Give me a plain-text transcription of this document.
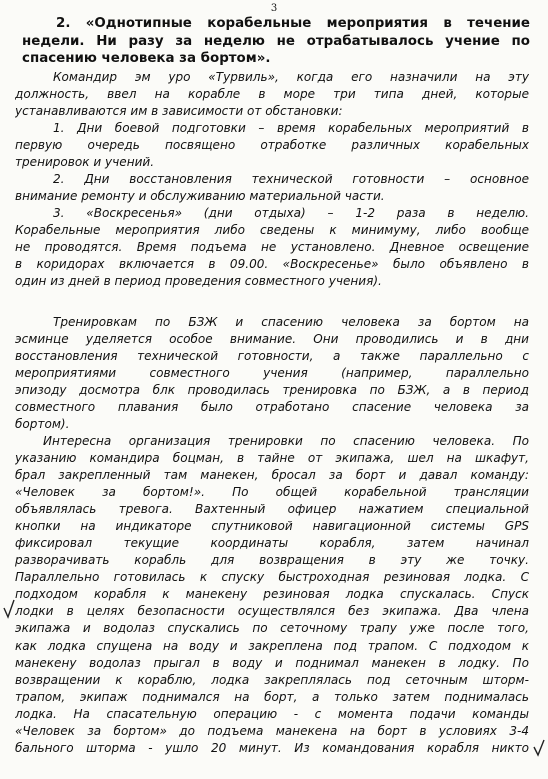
3
2. «Однотипные корабельные мероприятия в течение недели. Ни разу за неделю не отрабатывалось учение по спасению человека за бортом».
Командир эм уро «Турвиль», когда его назначили на эту
должность, ввел на корабле в море три типа дней, которые
устанавливаются им в зависимости от обстановки:
1. Дни боевой подготовки – время корабельных мероприятий в
первую очередь посвящено отработке различных корабельных
тренировок и учений.
2. Дни восстановления технической готовности – основное
внимание ремонту и обслуживанию материальной части.
3. «Воскресенья» (дни отдыха) – 1-2 раза в неделю.
Корабельные мероприятия либо сведены к минимуму, либо вообще
не проводятся. Время подъема не установлено. Дневное освещение
в коридорах включается в 09.00. «Воскресенье» было объявлено в
один из дней в период проведения совместного учения).
Тренировкам по БЗЖ и спасению человека за бортом на
эсминце уделяется особое внимание. Они проводились и в дни
восстановления технической готовности, а также параллельно с
мероприятиями совместного учения (например, параллельно
эпизоду досмотра блк проводилась тренировка по БЗЖ, а в период
совместного плавания было отработано спасение человека за
бортом).
Интересна организация тренировки по спасению человека. По
указанию командира боцман, в тайне от экипажа, шел на шкафут,
брал закрепленный там манекен, бросал за борт и давал команду:
«Человек за бортом!». По общей корабельной трансляции
объявлялась тревога. Вахтенный офицер нажатием специальной
кнопки на индикаторе спутниковой навигационной системы GPS
фиксировал текущие координаты корабля, затем начинал
разворачивать корабль для возвращения в эту же точку.
Параллельно готовилась к спуску быстроходная резиновая лодка. С
подходом корабля к манекену резиновая лодка спускалась. Спуск
лодки в целях безопасности осуществлялся без экипажа. Два члена
экипажа и водолаз спускались по сеточному трапу уже после того,
как лодка спущена на воду и закреплена под трапом. С подходом к
манекену водолаз прыгал в воду и поднимал манекен в лодку. По
возвращении к кораблю, лодка закреплялась под сеточным шторм-
трапом, экипаж поднимался на борт, а только затем поднималась
лодка. На спасательную операцию - с момента подачи команды
«Человек за бортом» до подъема манекена на борт в условиях 3-4
бального шторма - ушло 20 минут. Из командования корабля никто
